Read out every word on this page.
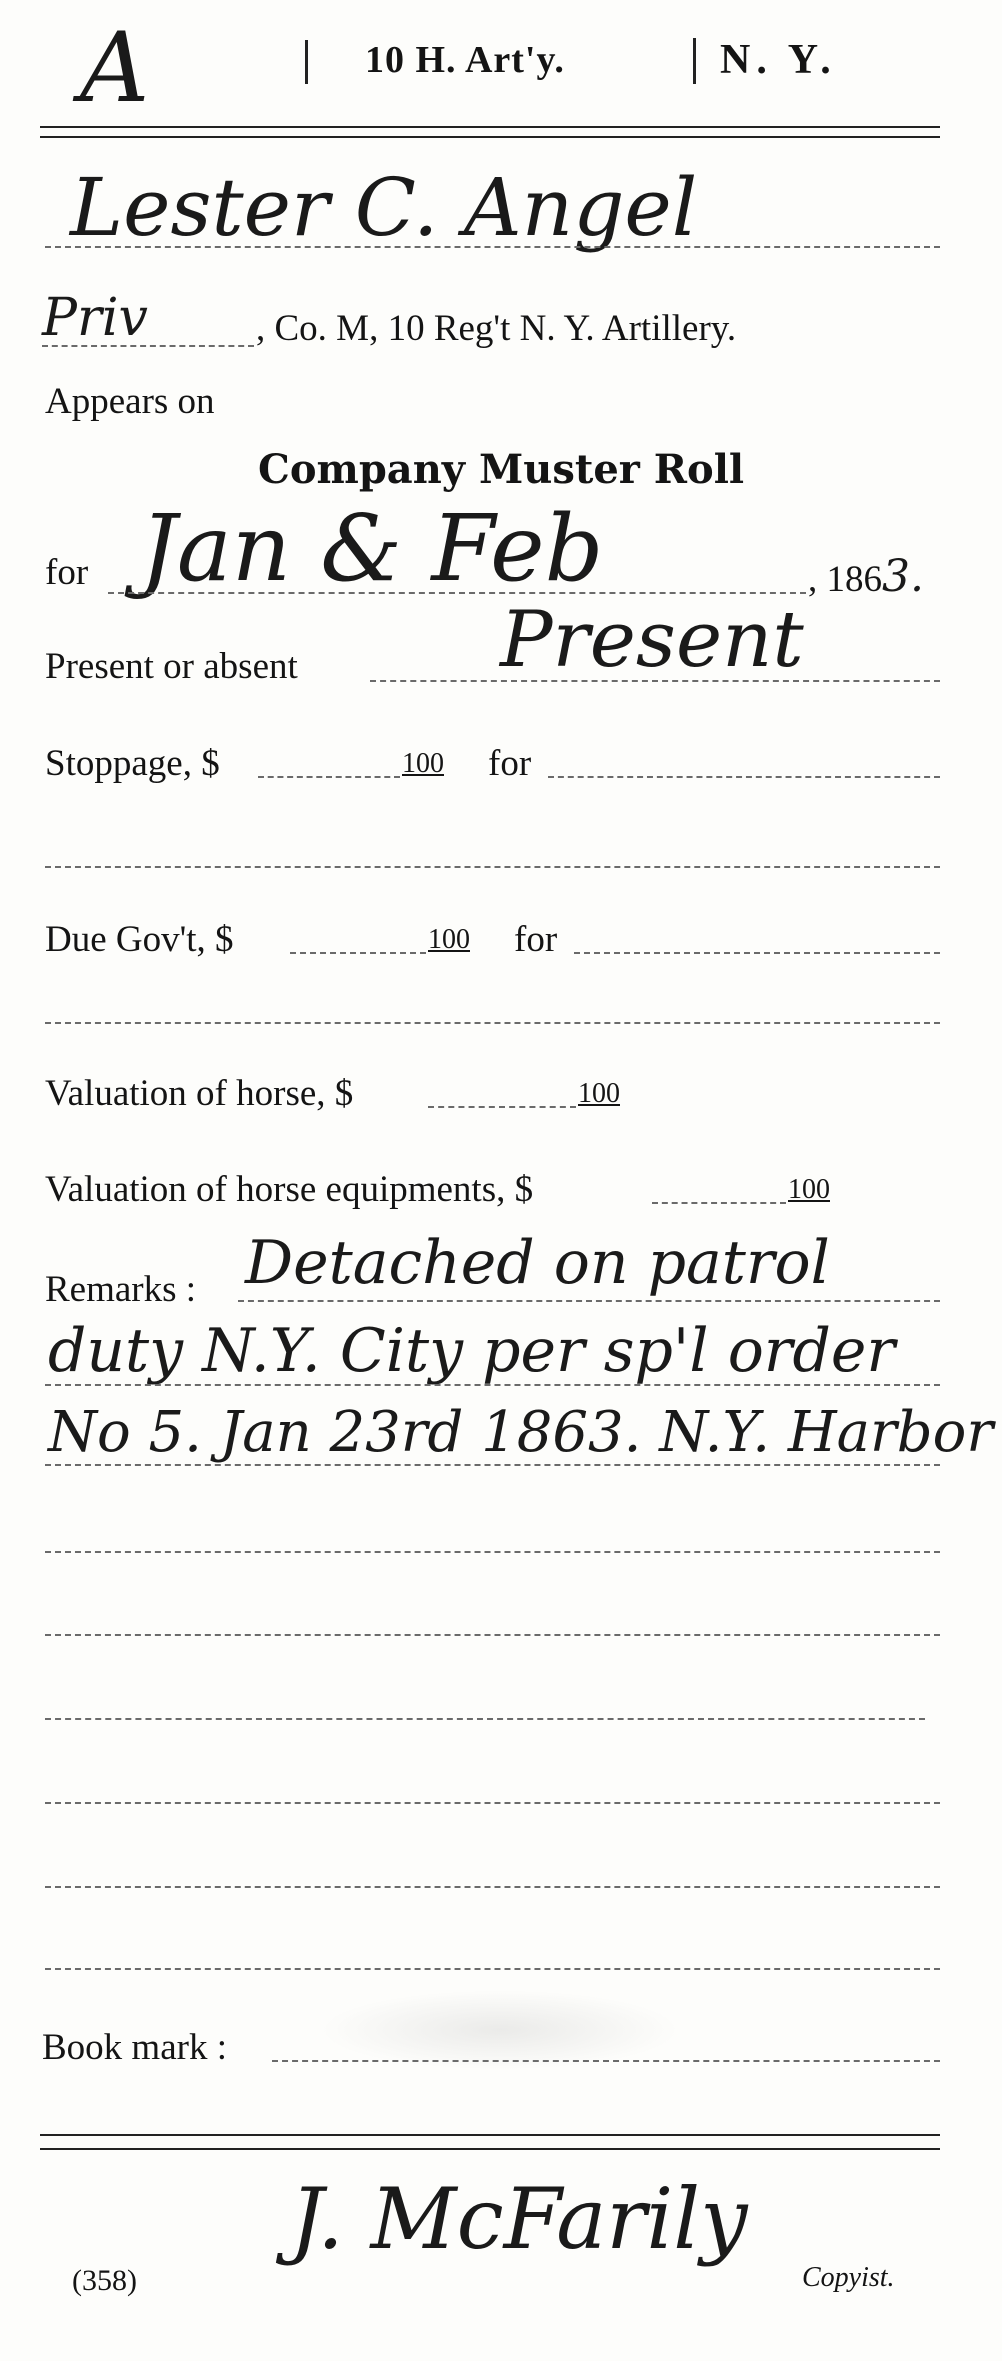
A	10 H. Art'y.	N. Y.
Lester C. Angel
Priv	, Co. M, 10 Reg't N. Y. Artillery.
Appears on
Company Muster Roll
for Jan & Feb	, 1863.
Present or absent	Present
Stoppage, $	100 for
Due Gov't, $	100 for
Valuation of horse, $	100
Valuation of horse equipments, $	100
Remarks : Detached on patrol
duty N.Y. City per sp'l order
No 5. Jan 23rd 1863. N.Y. Harbor
Book mark :
(358)
J. McFarily
Copyist.
